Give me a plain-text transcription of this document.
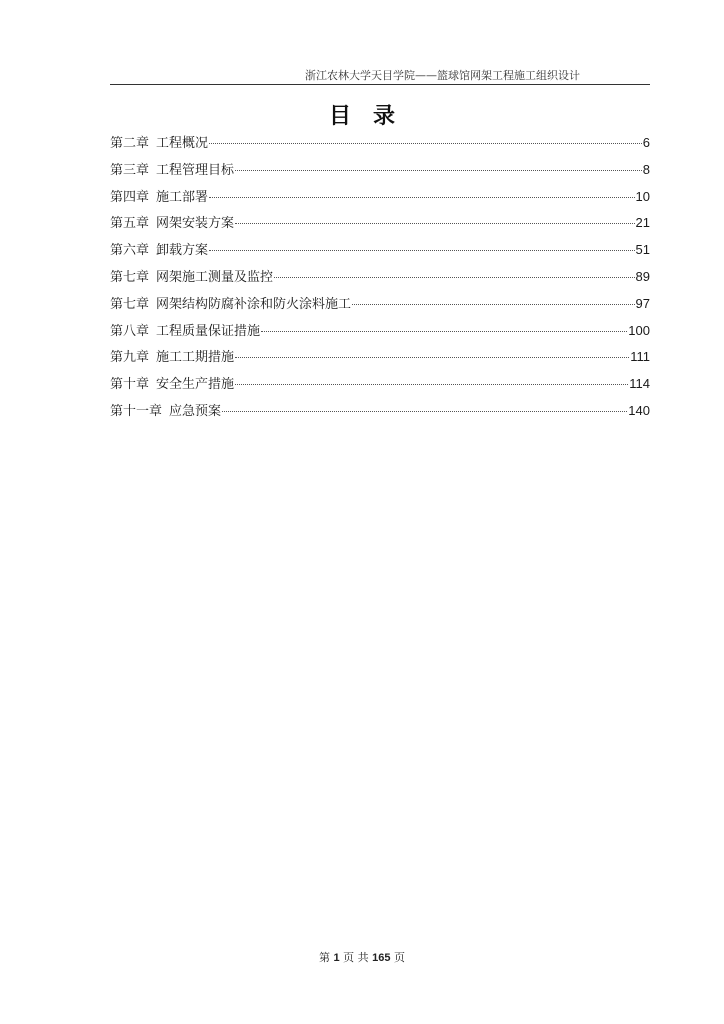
浙江农林大学天目学院——篮球馆网架工程施工组织设计
目录
第二章 工程概况	6
第三章 工程管理目标	8
第四章 施工部署	10
第五章 网架安装方案	21
第六章 卸载方案	51
第七章 网架施工测量及监控	89
第七章 网架结构防腐补涂和防火涂料施工	97
第八章 工程质量保证措施	100
第九章 施工工期措施	111
第十章 安全生产措施	114
第十一章 应急预案	140
第 1 页 共 165 页
